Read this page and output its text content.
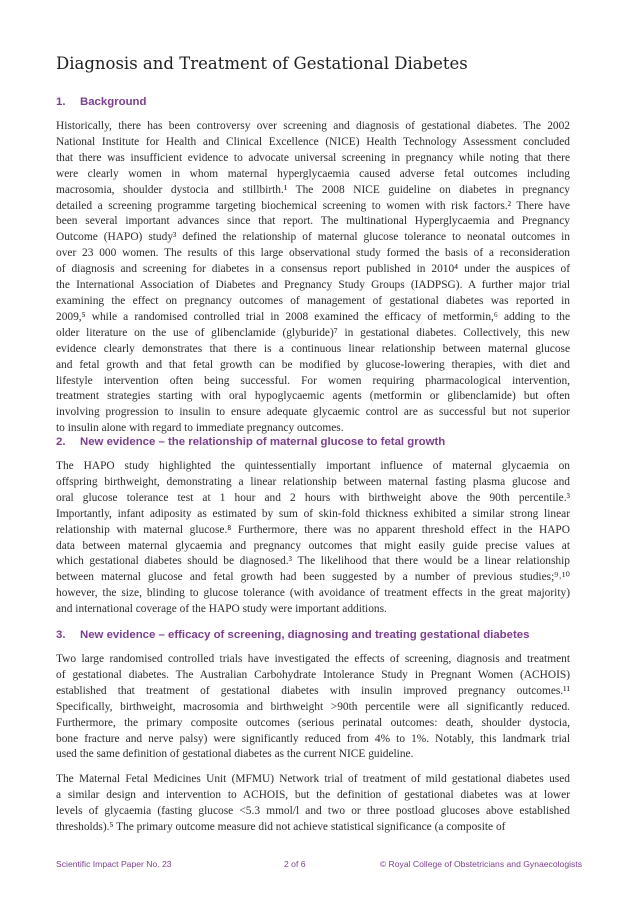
Diagnosis and Treatment of Gestational Diabetes
1. Background
Historically, there has been controversy over screening and diagnosis of gestational diabetes. The 2002
National Institute for Health and Clinical Excellence (NICE) Health Technology Assessment concluded
that there was insufficient evidence to advocate universal screening in pregnancy while noting that there
were clearly women in whom maternal hyperglycaemia caused adverse fetal outcomes including
macrosomia, shoulder dystocia and stillbirth.¹ The 2008 NICE guideline on diabetes in pregnancy
detailed a screening programme targeting biochemical screening to women with risk factors.² There have
been several important advances since that report. The multinational Hyperglycaemia and Pregnancy
Outcome (HAPO) study³ defined the relationship of maternal glucose tolerance to neonatal outcomes in
over 23 000 women. The results of this large observational study formed the basis of a reconsideration
of diagnosis and screening for diabetes in a consensus report published in 2010⁴ under the auspices of
the International Association of Diabetes and Pregnancy Study Groups (IADPSG). A further major trial
examining the effect on pregnancy outcomes of management of gestational diabetes was reported in
2009,⁵ while a randomised controlled trial in 2008 examined the efficacy of metformin,⁶ adding to the
older literature on the use of glibenclamide (glyburide)⁷ in gestational diabetes. Collectively, this new
evidence clearly demonstrates that there is a continuous linear relationship between maternal glucose
and fetal growth and that fetal growth can be modified by glucose-lowering therapies, with diet and
lifestyle intervention often being successful. For women requiring pharmacological intervention,
treatment strategies starting with oral hypoglycaemic agents (metformin or glibenclamide) but often
involving progression to insulin to ensure adequate glycaemic control are as successful but not superior
to insulin alone with regard to immediate pregnancy outcomes.
2. New evidence – the relationship of maternal glucose to fetal growth
The HAPO study highlighted the quintessentially important influence of maternal glycaemia on
offspring birthweight, demonstrating a linear relationship between maternal fasting plasma glucose and
oral glucose tolerance test at 1 hour and 2 hours with birthweight above the 90th percentile.³
Importantly, infant adiposity as estimated by sum of skin-fold thickness exhibited a similar strong linear
relationship with maternal glucose.⁸ Furthermore, there was no apparent threshold effect in the HAPO
data between maternal glycaemia and pregnancy outcomes that might easily guide precise values at
which gestational diabetes should be diagnosed.³ The likelihood that there would be a linear relationship
between maternal glucose and fetal growth had been suggested by a number of previous studies;⁹˒¹⁰
however, the size, blinding to glucose tolerance (with avoidance of treatment effects in the great majority)
and international coverage of the HAPO study were important additions.
3. New evidence – efficacy of screening, diagnosing and treating gestational diabetes
Two large randomised controlled trials have investigated the effects of screening, diagnosis and treatment
of gestational diabetes. The Australian Carbohydrate Intolerance Study in Pregnant Women (ACHOIS)
established that treatment of gestational diabetes with insulin improved pregnancy outcomes.¹¹
Specifically, birthweight, macrosomia and birthweight >90th percentile were all significantly reduced.
Furthermore, the primary composite outcomes (serious perinatal outcomes: death, shoulder dystocia,
bone fracture and nerve palsy) were significantly reduced from 4% to 1%. Notably, this landmark trial
used the same definition of gestational diabetes as the current NICE guideline.
The Maternal Fetal Medicines Unit (MFMU) Network trial of treatment of mild gestational diabetes used
a similar design and intervention to ACHOIS, but the definition of gestational diabetes was at lower
levels of glycaemia (fasting glucose <5.3 mmol/l and two or three postload glucoses above established
thresholds).⁵ The primary outcome measure did not achieve statistical significance (a composite of
Scientific Impact Paper No. 23	2 of 6	© Royal College of Obstetricians and Gynaecologists
